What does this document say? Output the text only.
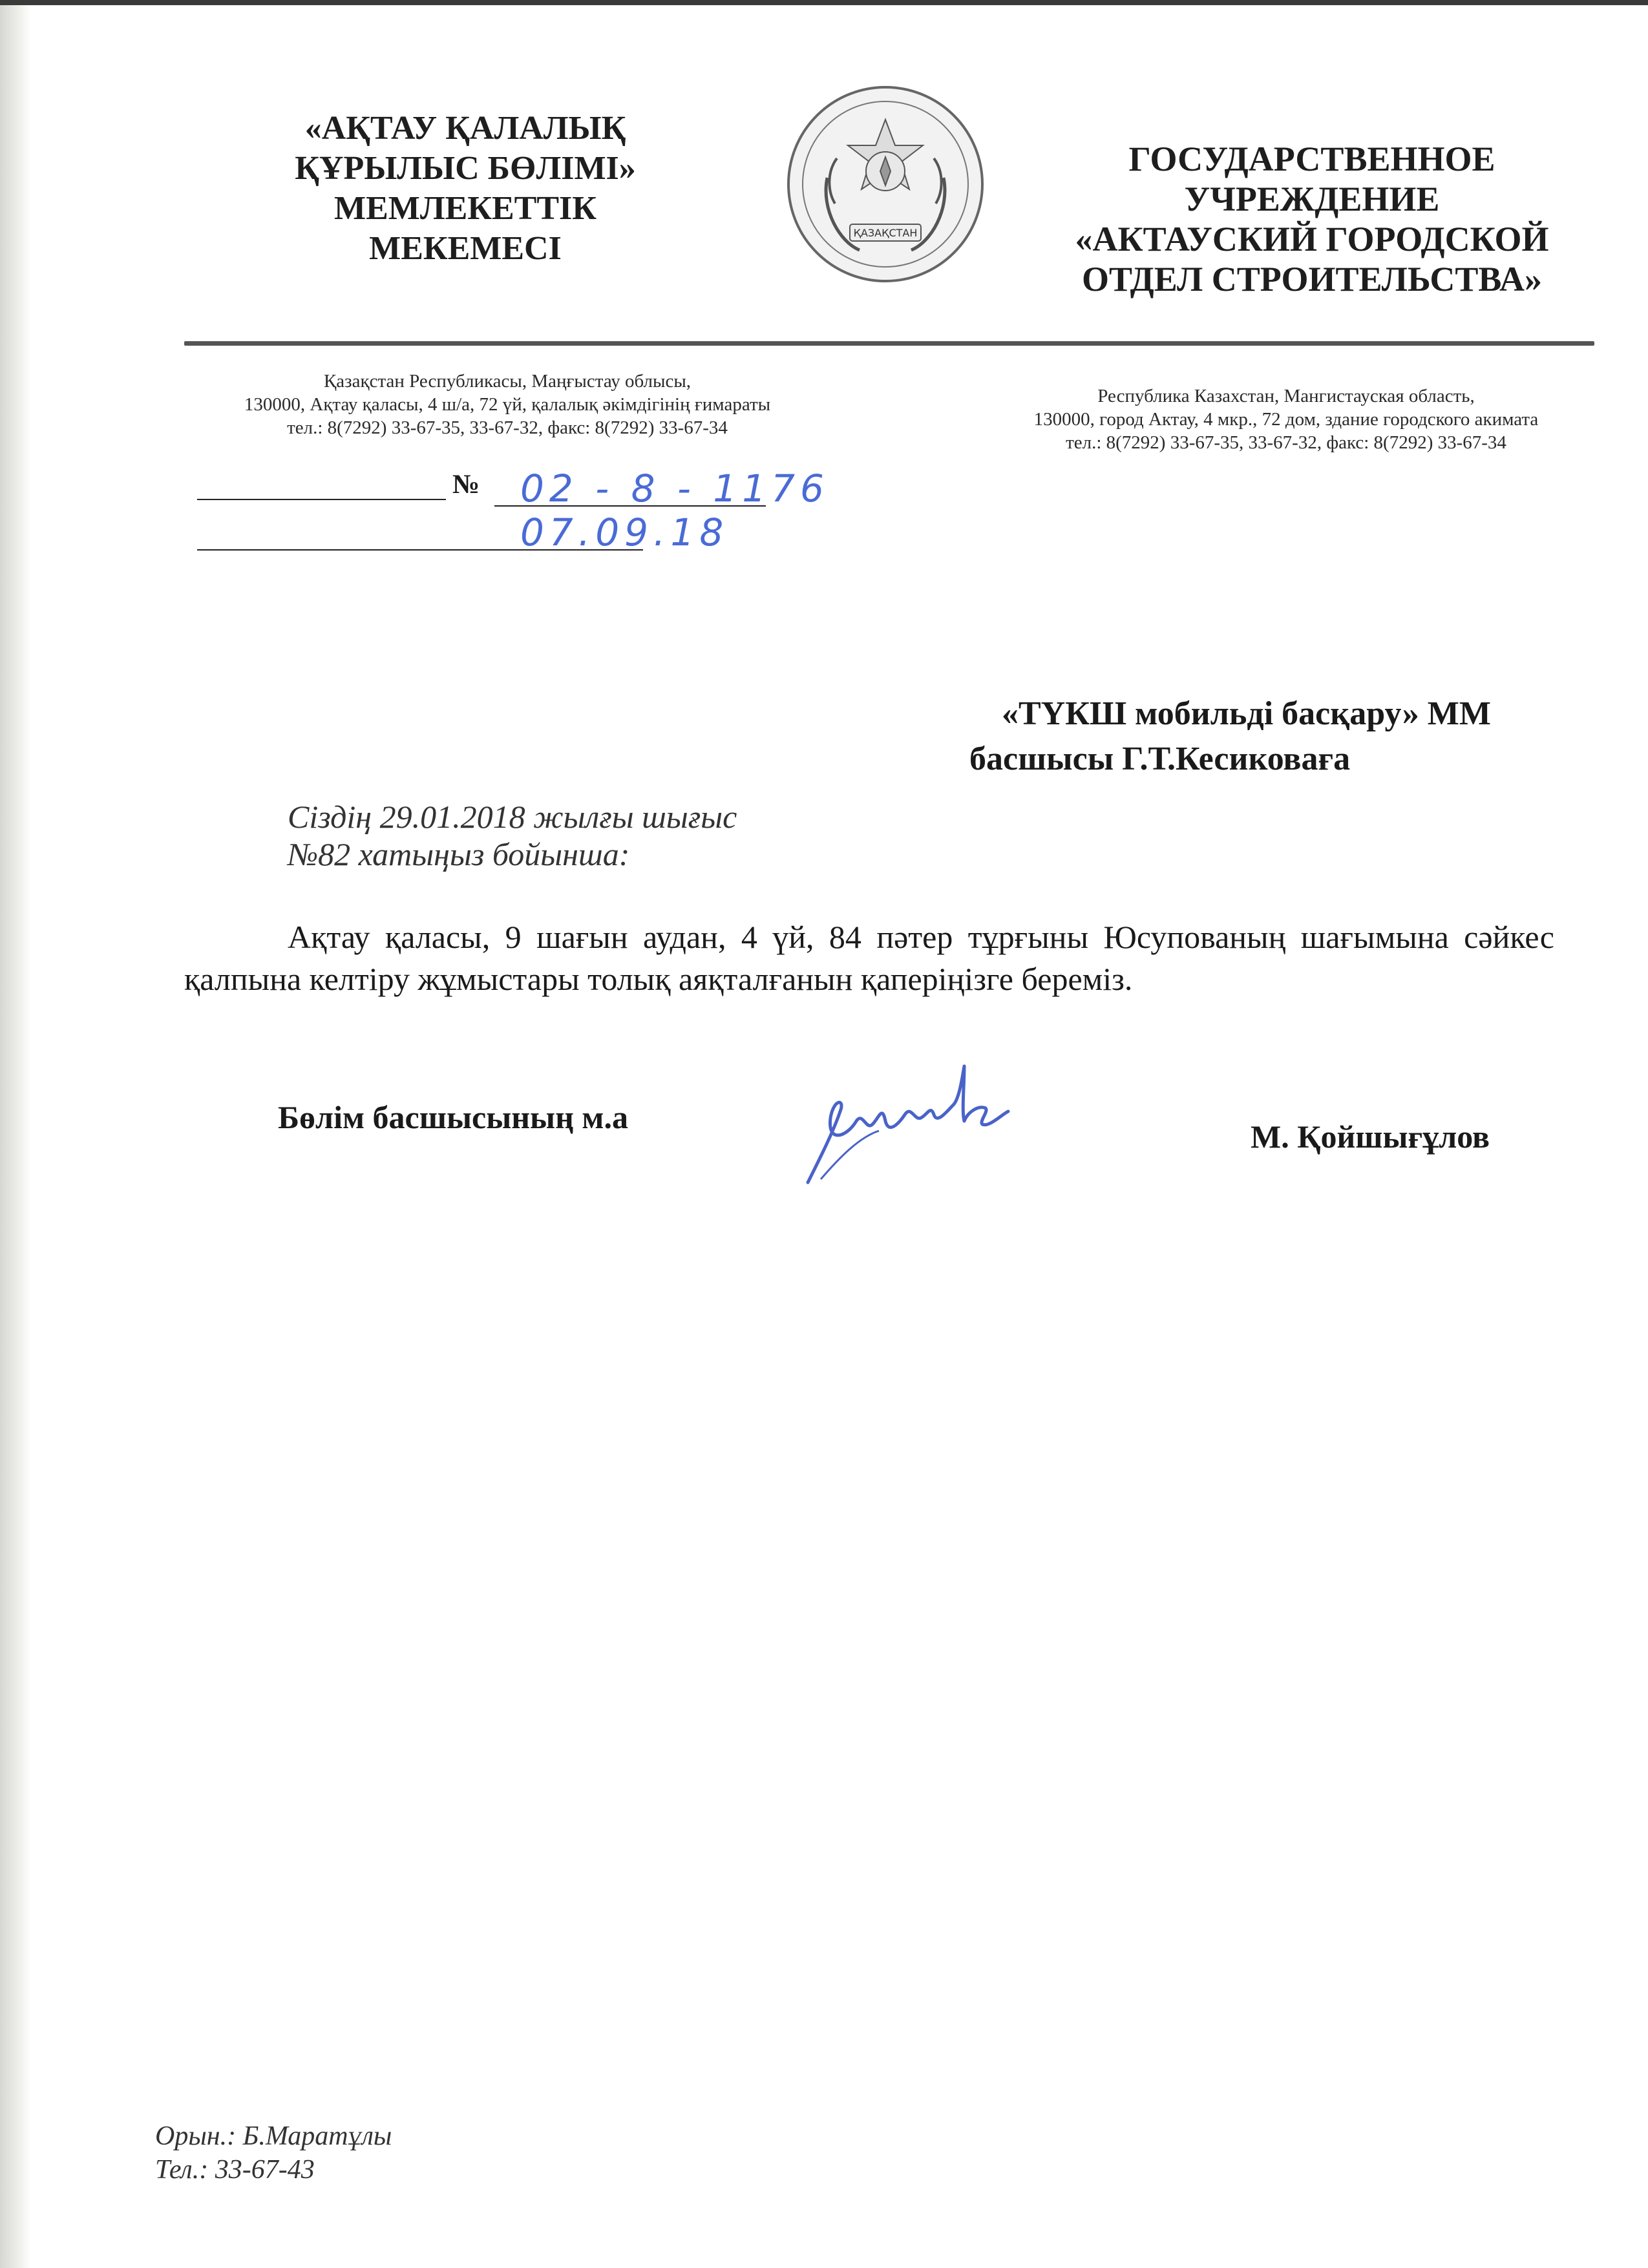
«АҚТАУ ҚАЛАЛЫҚ
ҚҰРЫЛЫС БӨЛІМІ»
МЕМЛЕКЕТТІК
МЕКЕМЕСІ	ҚАЗАҚСТАН
ГОСУДАРСТВЕННОЕ
УЧРЕЖДЕНИЕ
«АКТАУСКИЙ ГОРОДСКОЙ
ОТДЕЛ СТРОИТЕЛЬСТВА»
Қазақстан Республикасы, Маңғыстау облысы,
130000, Ақтау қаласы, 4 ш/а, 72 үй, қалалық әкімдігінің ғимараты
тел.: 8(7292) 33-67-35, 33-67-32, факс: 8(7292) 33-67-34
Республика Казахстан, Мангистауская область,
130000, город Актау, 4 мкр., 72 дом, здание городского акимата
тел.: 8(7292) 33-67-35, 33-67-32, факс: 8(7292) 33-67-34
№ 02 - 8 - 1176
07.09.18
«ТҮКШ мобильді басқару» ММ
басшысы Г.Т.Кесиковаға
Сіздің 29.01.2018 жылғы шығыс
№82 хатыңыз бойынша:
Ақтау қаласы, 9 шағын аудан, 4 үй, 84 пәтер тұрғыны Юсупованың шағымына сәйкес қалпына келтіру жұмыстары толық аяқталғанын қаперіңізге береміз.
Бөлім басшысының м.а
М. Қойшығұлов
Орын.: Б.Маратұлы
Тел.: 33-67-43
